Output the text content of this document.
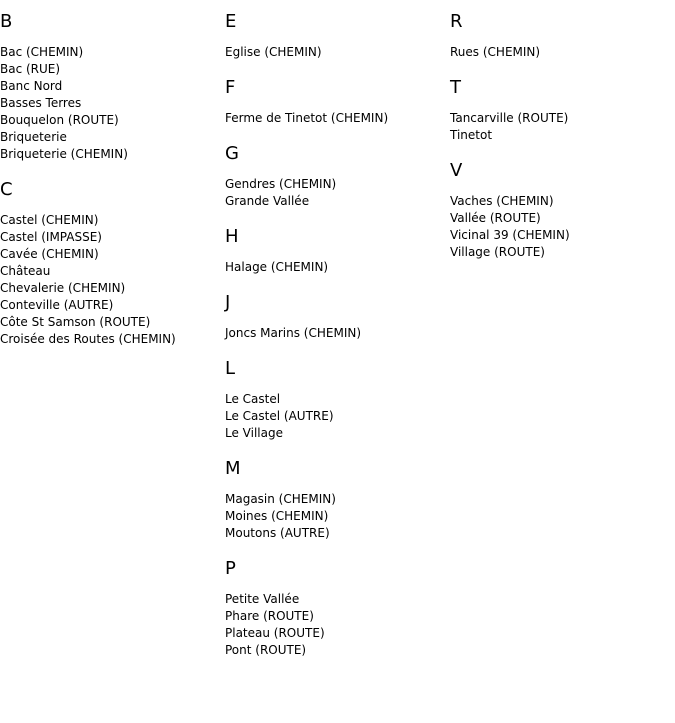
B
Bac (CHEMIN)
Bac (RUE)
Banc Nord
Basses Terres
Bouquelon (ROUTE)
Briqueterie
Briqueterie (CHEMIN)
C
Castel (CHEMIN)
Castel (IMPASSE)
Cavée (CHEMIN)
Château
Chevalerie (CHEMIN)
Conteville (AUTRE)
Côte St Samson (ROUTE)
Croisée des Routes (CHEMIN)
E
Eglise (CHEMIN)
F
Ferme de Tinetot (CHEMIN)
G
Gendres (CHEMIN)
Grande Vallée
H
Halage (CHEMIN)
J
Joncs Marins (CHEMIN)
L
Le Castel
Le Castel (AUTRE)
Le Village
M
Magasin (CHEMIN)
Moines (CHEMIN)
Moutons (AUTRE)
P
Petite Vallée
Phare (ROUTE)
Plateau (ROUTE)
Pont (ROUTE)
R
Rues (CHEMIN)
T
Tancarville (ROUTE)
Tinetot
V
Vaches (CHEMIN)
Vallée (ROUTE)
Vicinal 39 (CHEMIN)
Village (ROUTE)
